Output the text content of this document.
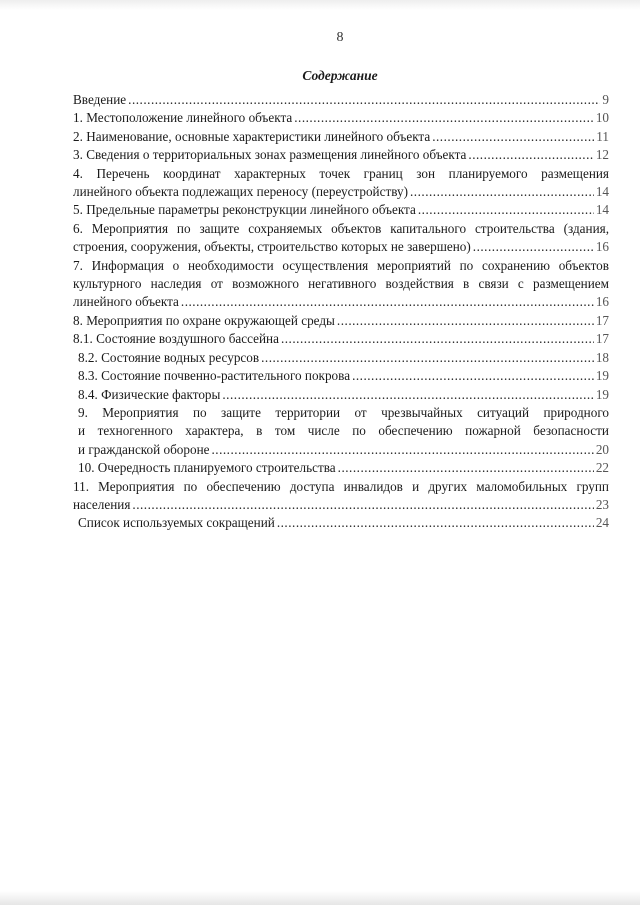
8
Содержание
Введение .....	9
1. Местоположение линейного объекта .....	10
2. Наименование, основные характеристики линейного объекта .....	11
3. Сведения о территориальных зонах размещения линейного объекта .....	12
4. Перечень координат характерных точек границ зон планируемого размещения
линейного объекта подлежащих переносу (переустройству) .....	14
5. Предельные параметры реконструкции линейного объекта .....	14
6. Мероприятия по защите сохраняемых объектов капитального строительства (здания,
строения, сооружения, объекты, строительство которых не завершено) .....	16
7. Информация о необходимости осуществления мероприятий по сохранению объектов
культурного наследия от возможного негативного воздействия в связи с размещением
линейного объекта .....	16
8. Мероприятия по охране окружающей среды .....	17
8.1. Состояние воздушного бассейна .....	17
8.2. Состояние водных ресурсов .....	18
8.3. Состояние почвенно-растительного покрова .....	19
8.4. Физические факторы .....	19
9. Мероприятия по защите территории от чрезвычайных ситуаций природного
и техногенного характера, в том числе по обеспечению пожарной безопасности
и гражданской обороне .....	20
10. Очередность планируемого строительства .....	22
11. Мероприятия по обеспечению доступа инвалидов и других маломобильных групп
населения .....	23
Список используемых сокращений .....	24
